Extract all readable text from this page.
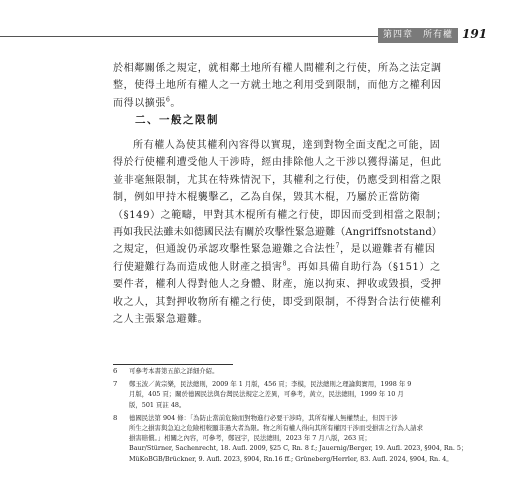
第四章　所有權 191
於相鄰關係之規定，就相鄰土地所有權人間權利之行使，所為之法定調
整，使得土地所有權人之一方就土地之利用受到限制，而他方之權利因
而得以擴張$^6$。
二、一般之限制
所有權人為使其權利內容得以實現，達到對物全面支配之可能，固
得於行使權利遭受他人干涉時，經由排除他人之干涉以獲得滿足，但此
並非毫無限制，尤其在特殊情況下，其權利之行使，仍應受到相當之限
制，例如甲持木棍襲擊乙，乙為自保，毀其木棍，乃屬於正當防衛
（§149）之範疇，甲對其木棍所有權之行使，即因而受到相當之限制；
再如我民法雖未如德國民法有關於攻擊性緊急避難（Angriffsnotstand）
之規定，但通說仍承認攻擊性緊急避難之合法性$^7$，是以避難者有權因
行使避難行為而造成他人財產之損害$^8$。再如具備自助行為（§151）之
要件者，權利人得對他人之身體、財產，施以拘束、押收或毀損，受押
收之人，其對押收物所有權之行使，即受到限制，不得對合法行使權利
之人主張緊急避難。
6 可參考本書第五節之詳細介紹。
7 鄭玉波／黃宗樂，民法總則，2009 年 1 月版，456 頁；李模，民法總則之理論與實用，1998 年 9
月版，405 頁；關於德國民法與台灣民法規定之差異，可參考，黃立，民法總則，1999 年 10 月
版，501 頁註 48。
8 德國民法第 904 條：「為防止當前危險而對物進行必要干涉時，其所有權人無權禁止，但因干涉
所生之損害與急迫之危險相較顯非過大者為限。物之所有權人得向其所有權因干涉而受損害之行為人請求
損害賠償。」相關之內容，可參考，鄭冠宇，民法總則，2023 年 7 月八版，263 頁；
Baur/Stürner, Sachenrecht, 18. Aufl. 2009, §25 C, Rn. 8 f.; Jauernig/Berger, 19. Aufl. 2023, §904, Rn. 5；
MüKoBGB/Brückner, 9. Aufl. 2023, §904, Rn.16 ff.; Grüneberg/Herrler, 83. Aufl. 2024, §904, Rn. 4。
